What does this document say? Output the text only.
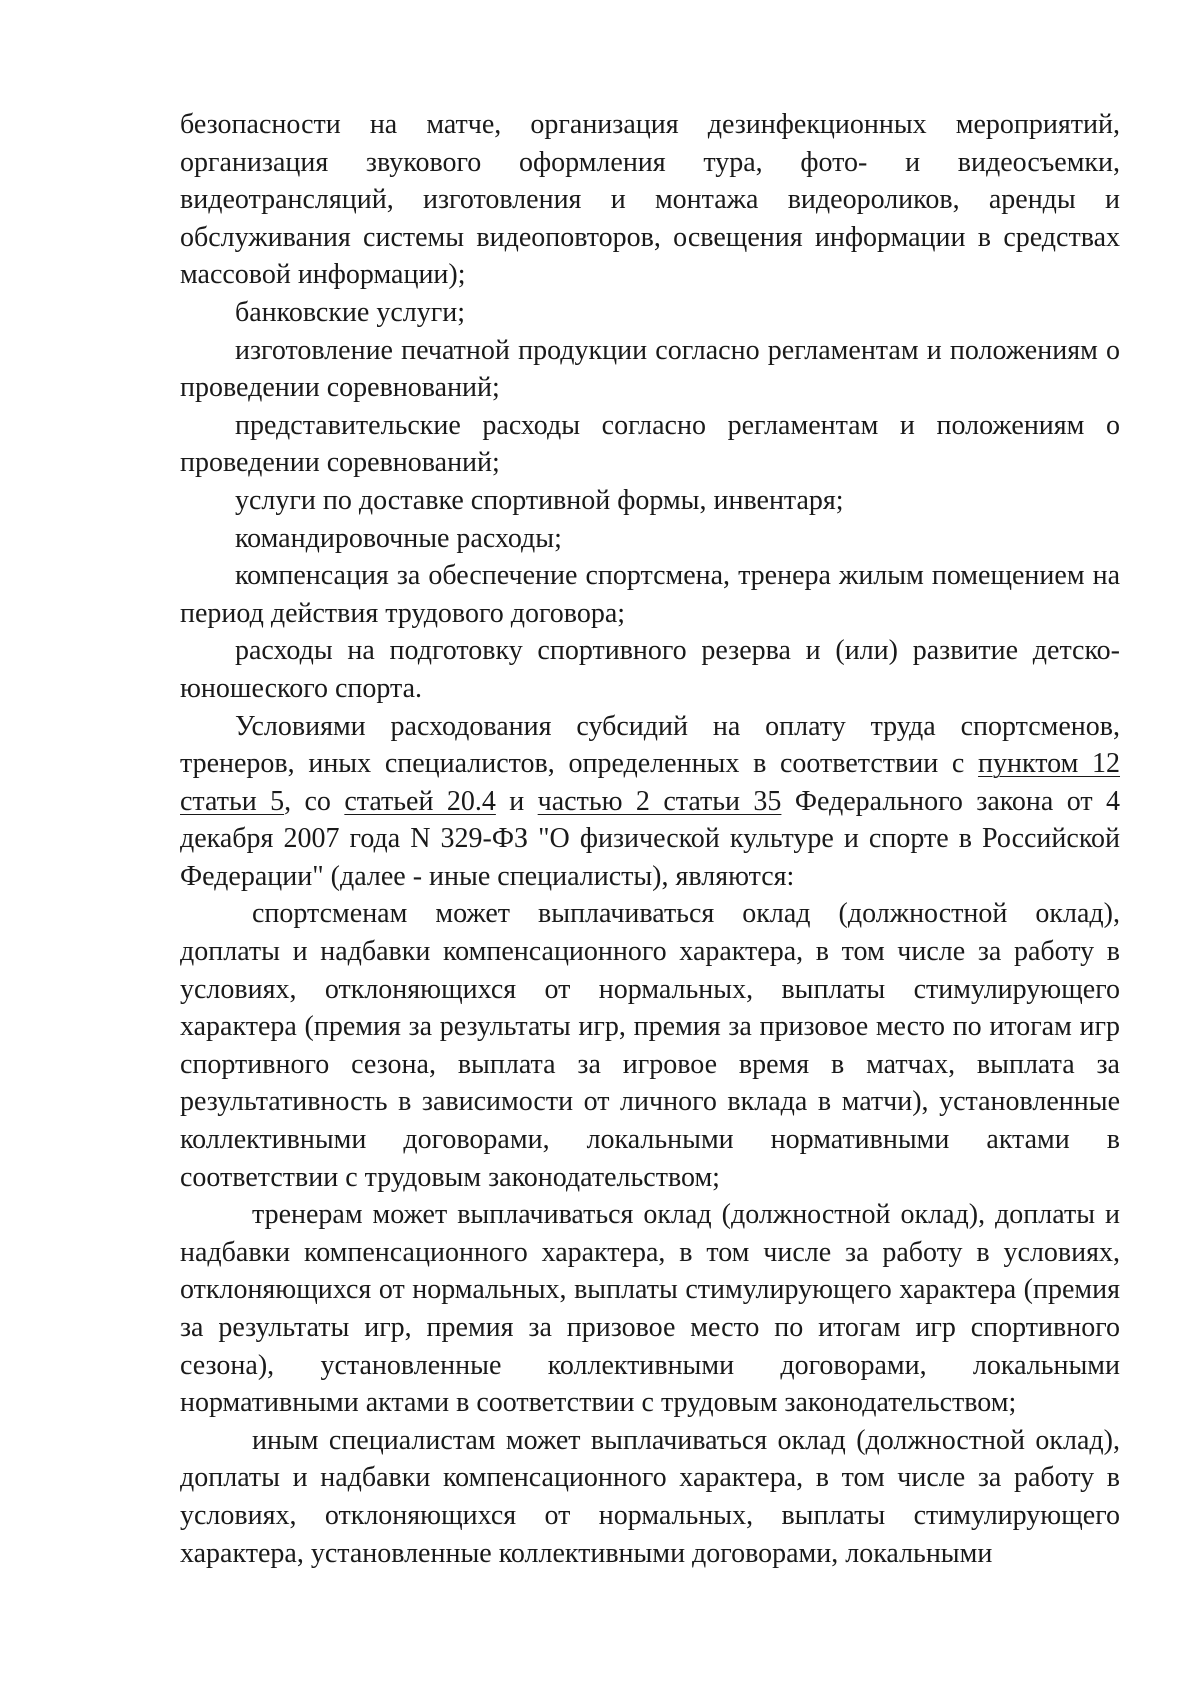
безопасности на матче, организация дезинфекционных мероприятий, организация звукового оформления тура, фото- и видеосъемки, видеотрансляций, изготовления и монтажа видеороликов, аренды и обслуживания системы видеоповторов, освещения информации в средствах массовой информации);

банковские услуги;

изготовление печатной продукции согласно регламентам и положениям о проведении соревнований;

представительские расходы согласно регламентам и положениям о проведении соревнований;

услуги по доставке спортивной формы, инвентаря;

командировочные расходы;

компенсация за обеспечение спортсмена, тренера жилым помещением на период действия трудового договора;

расходы на подготовку спортивного резерва и (или) развитие детско-юношеского спорта.

Условиями расходования субсидий на оплату труда спортсменов, тренеров, иных специалистов, определенных в соответствии с пунктом 12 статьи 5, со статьей 20.4 и частью 2 статьи 35 Федерального закона от 4 декабря 2007 года N 329-ФЗ "О физической культуре и спорте в Российской Федерации" (далее - иные специалисты), являются:

спортсменам может выплачиваться оклад (должностной оклад), доплаты и надбавки компенсационного характера, в том числе за работу в условиях, отклоняющихся от нормальных, выплаты стимулирующего характера (премия за результаты игр, премия за призовое место по итогам игр спортивного сезона, выплата за игровое время в матчах, выплата за результативность в зависимости от личного вклада в матчи), установленные коллективными договорами, локальными нормативными актами в соответствии с трудовым законодательством;

тренерам может выплачиваться оклад (должностной оклад), доплаты и надбавки компенсационного характера, в том числе за работу в условиях, отклоняющихся от нормальных, выплаты стимулирующего характера (премия за результаты игр, премия за призовое место по итогам игр спортивного сезона), установленные коллективными договорами, локальными нормативными актами в соответствии с трудовым законодательством;

иным специалистам может выплачиваться оклад (должностной оклад), доплаты и надбавки компенсационного характера, в том числе за работу в условиях, отклоняющихся от нормальных, выплаты стимулирующего характера, установленные коллективными договорами, локальными
